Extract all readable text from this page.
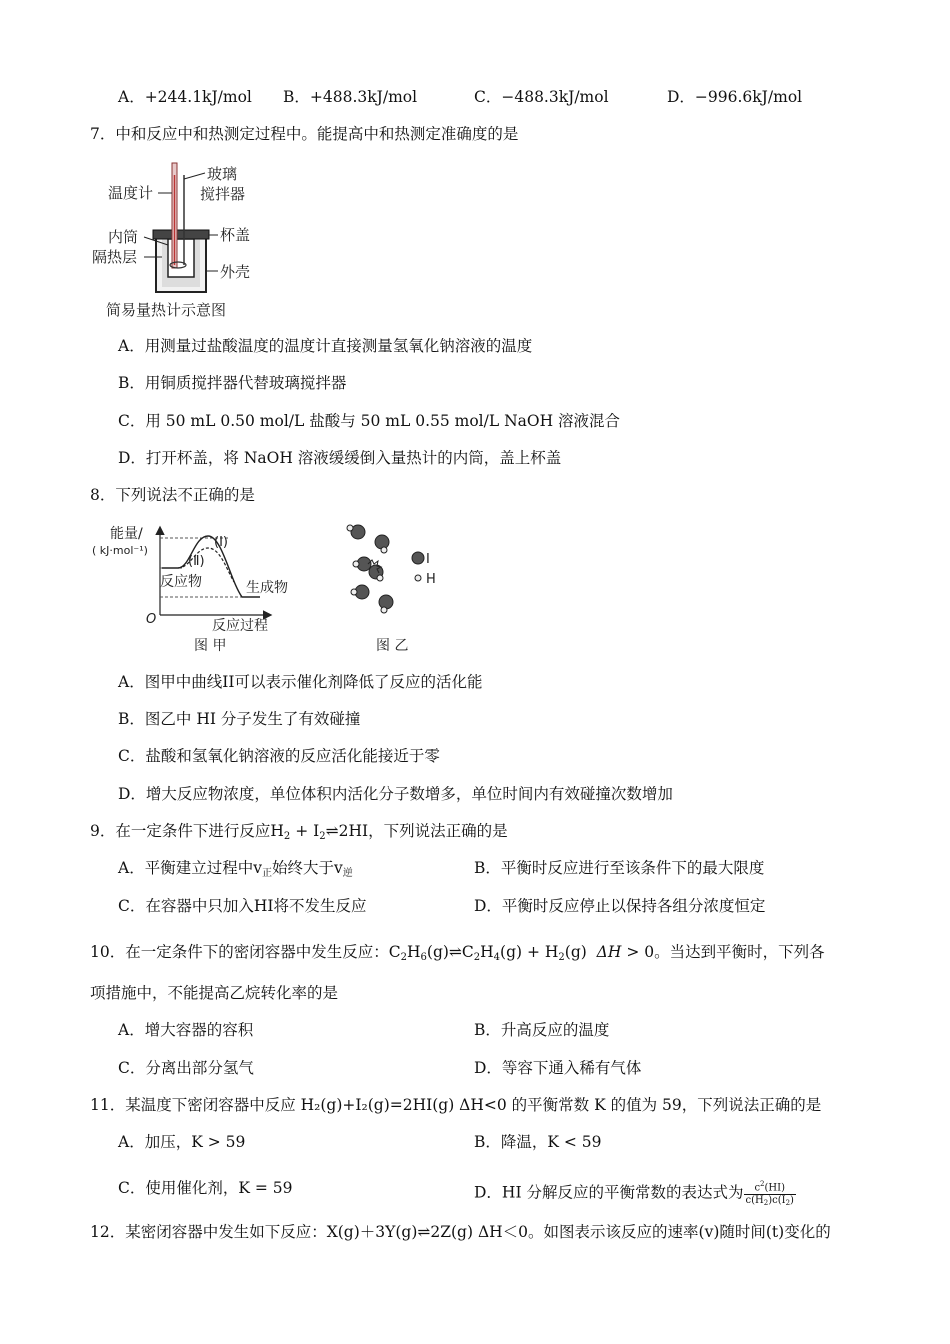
A．+244.1kJ/mol B．+488.3kJ/mol	C．−488.3kJ/mol	D．−996.6kJ/mol
7．中和反应中和热测定过程中。能提高中和热测定准确度的是
温度计
玻璃
搅拌器
内筒	杯盖
隔热层
外壳
简易量热计示意图
A．用测量过盐酸温度的温度计直接测量氢氧化钠溶液的温度
B．用铜质搅拌器代替玻璃搅拌器
C．用 50 mL 0.50 mol/L 盐酸与 50 mL 0.55 mol/L NaOH 溶液混合
D．打开杯盖，将 NaOH 溶液缓缓倒入量热计的内筒，盖上杯盖
8．下列说法不正确的是
能量/
( kJ·mol⁻¹)
(Ⅰ)
(Ⅱ)
反应物	生成物
O	反应过程
图 甲
I
H
图 乙
A．图甲中曲线II可以表示催化剂降低了反应的活化能
B．图乙中 HI 分子发生了有效碰撞
C．盐酸和氢氧化钠溶液的反应活化能接近于零
D．增大反应物浓度，单位体积内活化分子数增多，单位时间内有效碰撞次数增加
9．在一定条件下进行反应$H_2$ + $I_2\rightleftharpoons 2HI$，下列说法正确的是
A．平衡建立过程中$v_正$始终大于$v_逆$	B．平衡时反应进行至该条件下的最大限度
C．在容器中只加入HI将不发生反应	D．平衡时反应停止以保持各组分浓度恒定
10．在一定条件下的密闭容器中发生反应：$C_2H_6(g)\rightleftharpoons C_2H_4(g) + H_2(g) \Delta H > 0$。当达到平衡时，下列各
项措施中，不能提高乙烷转化率的是
A．增大容器的容积	B．升高反应的温度
C．分离出部分氢气	D．等容下通入稀有气体
11．某温度下密闭容器中反应 H₂(g)+I₂(g)=2HI(g) ΔH<0 的平衡常数 K 的值为 59，下列说法正确的是
A．加压，K > 59	B．降温，K < 59
C．使用催化剂，K = 59	D．HI 分解反应的平衡常数的表达式为 $\frac{c^2(HI)}{c(H_2)c(I_2)}$
12．某密闭容器中发生如下反应：X(g)＋3Y(g)⇌2Z(g) ΔH＜0。如图表示该反应的速率(v)随时间(t)变化的
